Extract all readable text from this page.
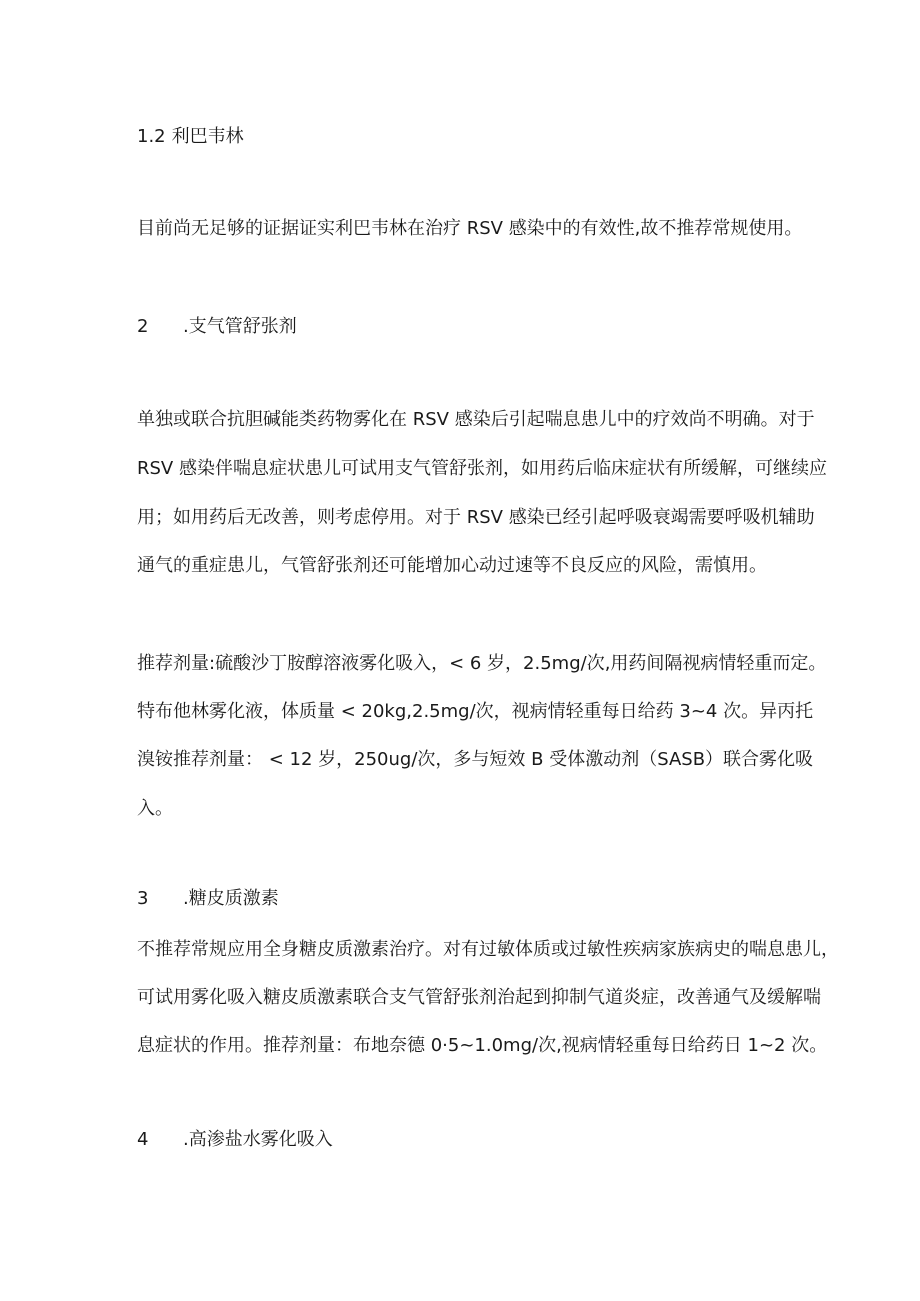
1.2 利巴韦林
目前尚无足够的证据证实利巴韦林在治疗 RSV 感染中的有效性,故不推荐常规使用。
2 .支气管舒张剂
单独或联合抗胆碱能类药物雾化在 RSV 感染后引起喘息患儿中的疗效尚不明确。对于
RSV 感染伴喘息症状患儿可试用支气管舒张剂，如用药后临床症状有所缓解，可继续应
用；如用药后无改善，则考虑停用。对于 RSV 感染已经引起呼吸衰竭需要呼吸机辅助
通气的重症患儿，气管舒张剂还可能增加心动过速等不良反应的风险，需慎用。
推荐剂量:硫酸沙丁胺醇溶液雾化吸入，< 6 岁，2.5mg/次,用药间隔视病情轻重而定。
特布他林雾化液，体质量 < 20kg,2.5mg/次，视病情轻重每日给药 3~4 次。异丙托
溴铵推荐剂量： < 12 岁，250ug/次，多与短效 B 受体激动剂（SASB）联合雾化吸
入。
3 .糖皮质激素
不推荐常规应用全身糖皮质激素治疗。对有过敏体质或过敏性疾病家族病史的喘息患儿，
可试用雾化吸入糖皮质激素联合支气管舒张剂治起到抑制气道炎症，改善通气及缓解喘
息症状的作用。推荐剂量：布地奈德 0·5~1.0mg/次,视病情轻重每日给药日 1~2 次。
4 .高渗盐水雾化吸入
